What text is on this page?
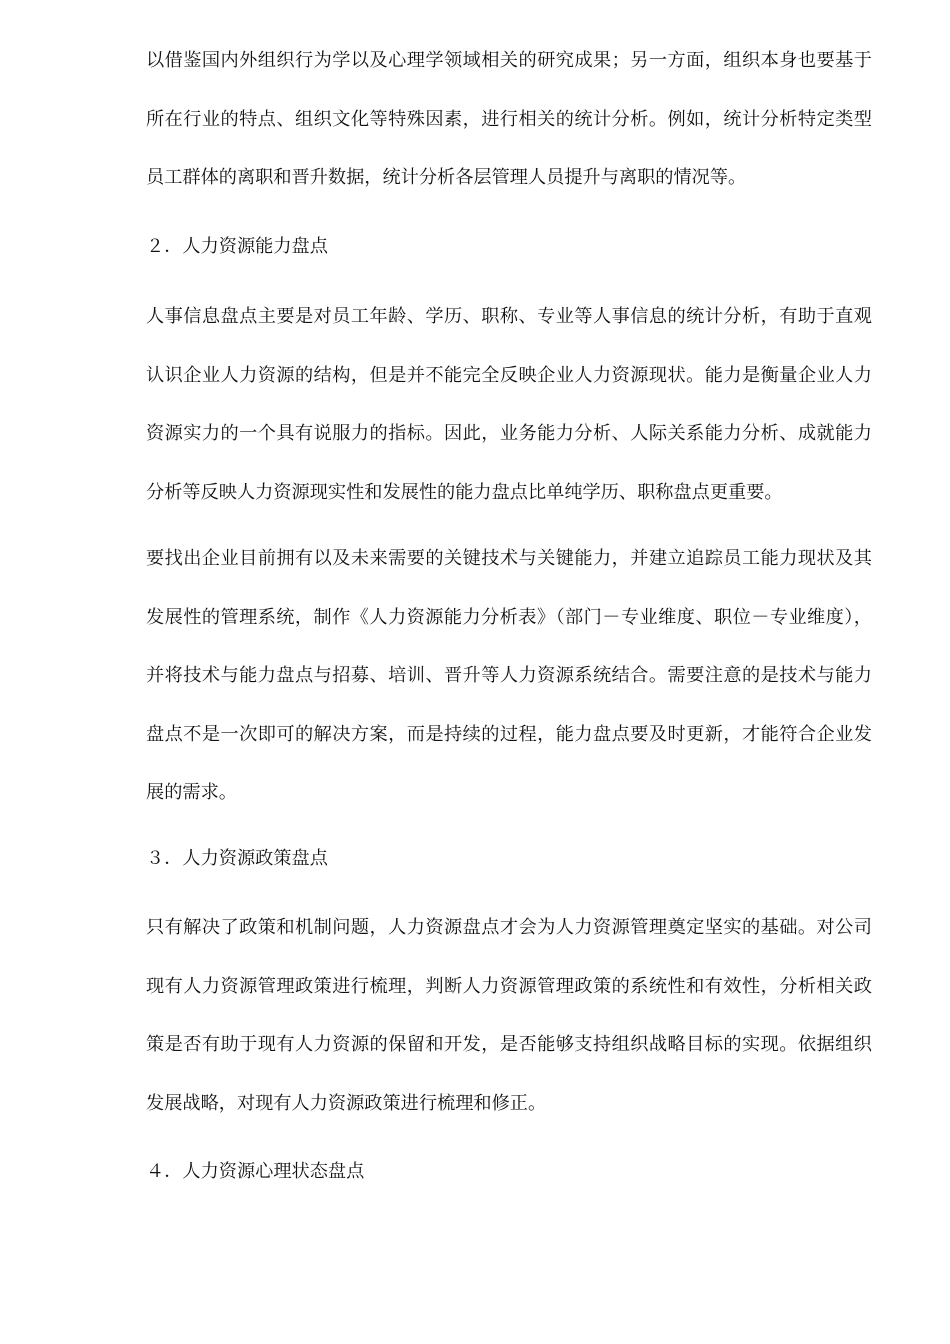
以借鉴国内外组织行为学以及心理学领域相关的研究成果；另一方面，组织本身也要基于所在行业的特点、组织文化等特殊因素，进行相关的统计分析。例如，统计分析特定类型员工群体的离职和晋升数据，统计分析各层管理人员提升与离职的情况等。

２．人力资源能力盘点

人事信息盘点主要是对员工年龄、学历、职称、专业等人事信息的统计分析，有助于直观认识企业人力资源的结构，但是并不能完全反映企业人力资源现状。能力是衡量企业人力资源实力的一个具有说服力的指标。因此，业务能力分析、人际关系能力分析、成就能力分析等反映人力资源现实性和发展性的能力盘点比单纯学历、职称盘点更重要。

要找出企业目前拥有以及未来需要的关键技术与关键能力，并建立追踪员工能力现状及其发展性的管理系统，制作《人力资源能力分析表》（部门－专业维度、职位－专业维度），并将技术与能力盘点与招募、培训、晋升等人力资源系统结合。需要注意的是技术与能力盘点不是一次即可的解决方案，而是持续的过程，能力盘点要及时更新，才能符合企业发展的需求。

３．人力资源政策盘点

只有解决了政策和机制问题，人力资源盘点才会为人力资源管理奠定坚实的基础。对公司现有人力资源管理政策进行梳理，判断人力资源管理政策的系统性和有效性，分析相关政策是否有助于现有人力资源的保留和开发，是否能够支持组织战略目标的实现。依据组织发展战略，对现有人力资源政策进行梳理和修正。

４．人力资源心理状态盘点
